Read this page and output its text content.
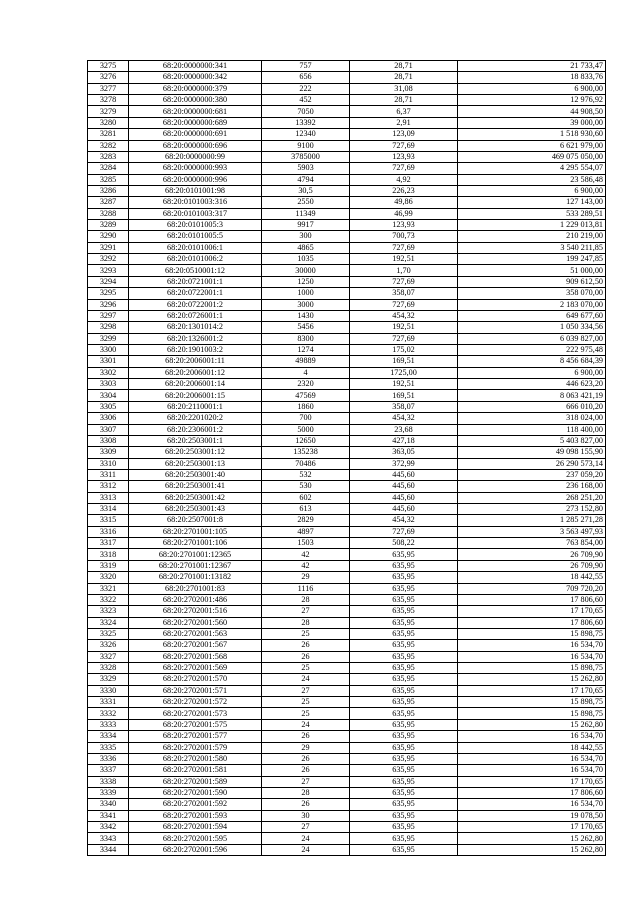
3275	68:20:0000000:341	757	28,71	21 733,47
3276	68:20:0000000:342	656	28,71	18 833,76
3277	68:20:0000000:379	222	31,08	6 900,00
3278	68:20:0000000:380	452	28,71	12 976,92
3279	68:20:0000000:681	7050	6,37	44 908,50
3280	68:20:0000000:689	13392	2,91	39 000,00
3281	68:20:0000000:691	12340	123,09	1 518 930,60
3282	68:20:0000000:696	9100	727,69	6 621 979,00
3283	68:20:0000000:99	3785000	123,93	469 075 050,00
3284	68:20:0000000:993	5903	727,69	4 295 554,07
3285	68:20:0000000:996	4794	4,92	23 586,48
3286	68:20:0101001:98	30,5	226,23	6 900,00
3287	68:20:0101003:316	2550	49,86	127 143,00
3288	68:20:0101003:317	11349	46,99	533 289,51
3289	68:20:0101005:3	9917	123,93	1 229 013,81
3290	68:20:0101005:5	300	700,73	210 219,00
3291	68:20:0101006:1	4865	727,69	3 540 211,85
3292	68:20:0101006:2	1035	192,51	199 247,85
3293	68:20:0510001:12	30000	1,70	51 000,00
3294	68:20:0721001:1	1250	727,69	909 612,50
3295	68:20:0722001:1	1000	358,07	358 070,00
3296	68:20:0722001:2	3000	727,69	2 183 070,00
3297	68:20:0726001:1	1430	454,32	649 677,60
3298	68:20:1301014:2	5456	192,51	1 050 334,56
3299	68:20:1326001:2	8300	727,69	6 039 827,00
3300	68:20:1901003:2	1274	175,02	222 975,48
3301	68:20:2006001:11	49889	169,51	8 456 684,39
3302	68:20:2006001:12	4	1725,00	6 900,00
3303	68:20:2006001:14	2320	192,51	446 623,20
3304	68:20:2006001:15	47569	169,51	8 063 421,19
3305	68:20:2110001:1	1860	358,07	666 010,20
3306	68:20:2201020:2	700	454,32	318 024,00
3307	68:20:2306001:2	5000	23,68	118 400,00
3308	68:20:2503001:1	12650	427,18	5 403 827,00
3309	68:20:2503001:12	135238	363,05	49 098 155,90
3310	68:20:2503001:13	70486	372,99	26 290 573,14
3311	68:20:2503001:40	532	445,60	237 059,20
3312	68:20:2503001:41	530	445,60	236 168,00
3313	68:20:2503001:42	602	445,60	268 251,20
3314	68:20:2503001:43	613	445,60	273 152,80
3315	68:20:2507001:8	2829	454,32	1 285 271,28
3316	68:20:2701001:105	4897	727,69	3 563 497,93
3317	68:20:2701001:106	1503	508,22	763 854,00
3318	68:20:2701001:12365	42	635,95	26 709,90
3319	68:20:2701001:12367	42	635,95	26 709,90
3320	68:20:2701001:13182	29	635,95	18 442,55
3321	68:20:2701001:83	1116	635,95	709 720,20
3322	68:20:2702001:486	28	635,95	17 806,60
3323	68:20:2702001:516	27	635,95	17 170,65
3324	68:20:2702001:560	28	635,95	17 806,60
3325	68:20:2702001:563	25	635,95	15 898,75
3326	68:20:2702001:567	26	635,95	16 534,70
3327	68:20:2702001:568	26	635,95	16 534,70
3328	68:20:2702001:569	25	635,95	15 898,75
3329	68:20:2702001:570	24	635,95	15 262,80
3330	68:20:2702001:571	27	635,95	17 170,65
3331	68:20:2702001:572	25	635,95	15 898,75
3332	68:20:2702001:573	25	635,95	15 898,75
3333	68:20:2702001:575	24	635,95	15 262,80
3334	68:20:2702001:577	26	635,95	16 534,70
3335	68:20:2702001:579	29	635,95	18 442,55
3336	68:20:2702001:580	26	635,95	16 534,70
3337	68:20:2702001:581	26	635,95	16 534,70
3338	68:20:2702001:589	27	635,95	17 170,65
3339	68:20:2702001:590	28	635,95	17 806,60
3340	68:20:2702001:592	26	635,95	16 534,70
3341	68:20:2702001:593	30	635,95	19 078,50
3342	68:20:2702001:594	27	635,95	17 170,65
3343	68:20:2702001:595	24	635,95	15 262,80
3344	68:20:2702001:596	24	635,95	15 262,80
